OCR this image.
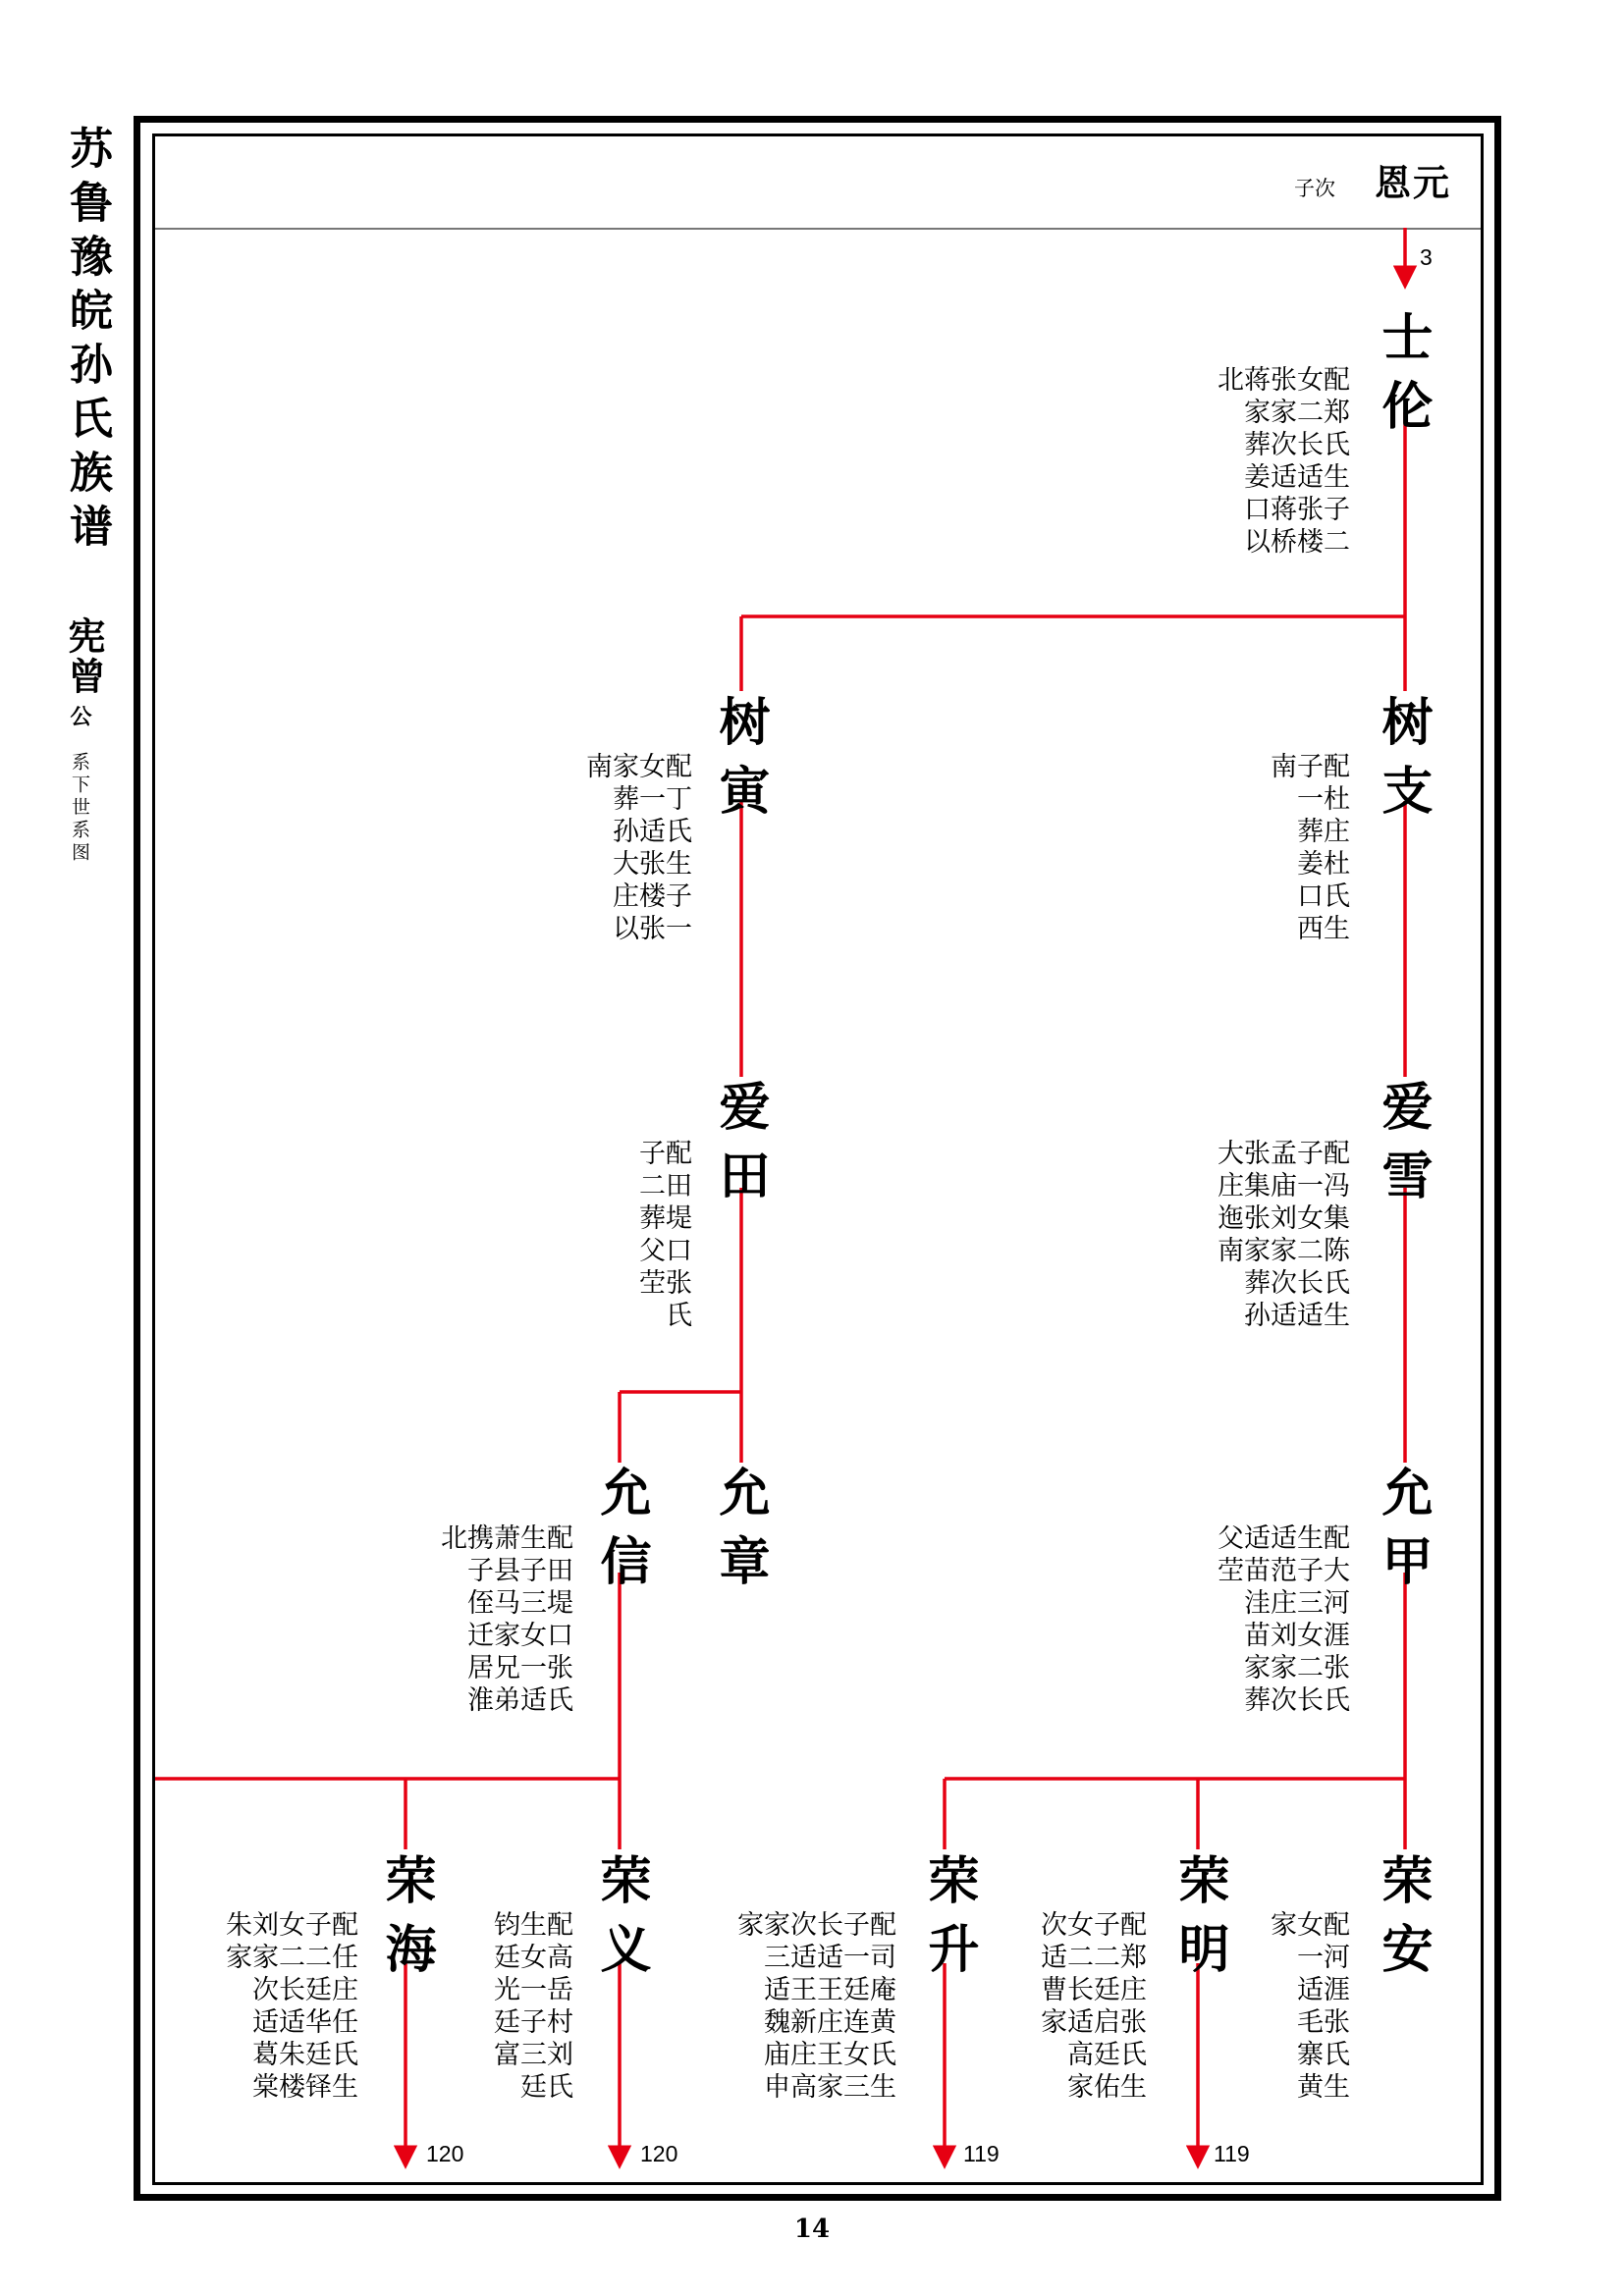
苏鲁豫皖孙氏族谱
宪曾
公
系下世系图
子次 恩元
3
119
119
120
120
士伦
配郑氏生子二
女二长适张楼
张家次适蒋桥
蒋家葬姜口以
北
树支
配杜庄杜氏生
子一葬姜口西
南
树寅
配丁氏生子一
女一适张楼张
家葬孙大庄以
南
爱雪
配冯集陈氏生
子一女二长适
孟庙刘家次适
张集张家葬孙
大庄迤南
爱田
配田堤口张氏
子二葬父茔
允甲
配大河涯张氏
生子三女二长
适范庄刘家次
适苗洼苗家葬
父茔
允章
允信
配田堤口张氏
生子三女一适
萧县马家兄弟
携子侄迁居淮
北
荣安
配河涯张氏生
女一适毛寨黄
家
荣明
配郑庄张氏生
子二廷启廷佑
女二长适高家
次适曹家
荣升
配司庵黄氏生
子一廷连女三
长适王庄王家
次适王新庄高
家三适魏庙申
家
荣义
配高岳村刘氏
生女一子三廷
钧廷光廷富
荣海
配任庄任氏生
子二廷华廷铎
女二长适朱楼
刘家次适葛棠
朱家
14
